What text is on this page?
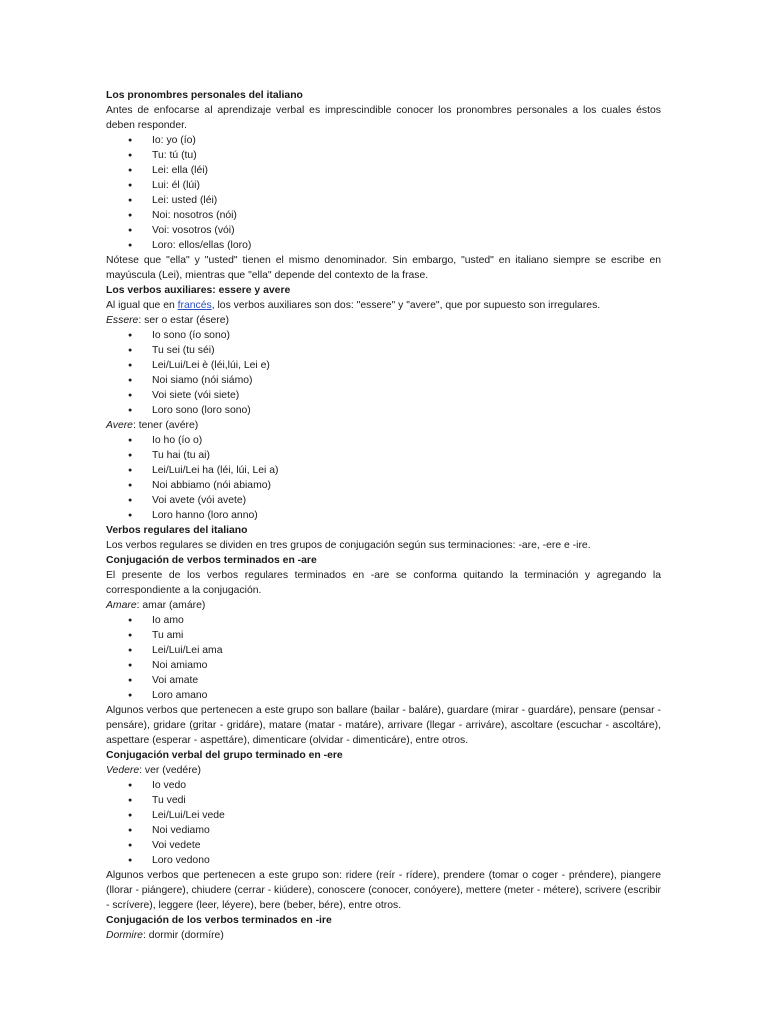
Los pronombres personales del italiano
Antes de enfocarse al aprendizaje verbal es imprescindible conocer los pronombres personales a los cuales éstos deben responder.
● Io: yo (ío)
● Tu: tú (tu)
● Lei: ella (léi)
● Lui: él (lúi)
● Lei: usted (léi)
● Noi: nosotros (nói)
● Voi: vosotros (vói)
● Loro: ellos/ellas (loro)
Nótese que "ella" y "usted" tienen el mismo denominador. Sin embargo, "usted" en italiano siempre se escribe en mayúscula (Lei), mientras que "ella" depende del contexto de la frase.
Los verbos auxiliares: essere y avere
Al igual que en francés, los verbos auxiliares son dos: "essere" y "avere", que por supuesto son irregulares.
Essere: ser o estar (ésere)
● Io sono (ío sono)
● Tu sei (tu séi)
● Lei/Lui/Lei è (léi,lúi, Lei e)
● Noi siamo (nói siámo)
● Voi siete (vói siete)
● Loro sono (loro sono)
Avere: tener (avére)
● Io ho (ío o)
● Tu hai (tu ai)
● Lei/Lui/Lei ha (léi, lúi, Lei a)
● Noi abbiamo (nói abiamo)
● Voi avete (vói avete)
● Loro hanno (loro anno)
Verbos regulares del italiano
Los verbos regulares se dividen en tres grupos de conjugación según sus terminaciones: -are, -ere e -ire.
Conjugación de verbos terminados en -are
El presente de los verbos regulares terminados en -are se conforma quitando la terminación y agregando la correspondiente a la conjugación.
Amare: amar (amáre)
● Io amo
● Tu ami
● Lei/Lui/Lei ama
● Noi amiamo
● Voi amate
● Loro amano
Algunos verbos que pertenecen a este grupo son ballare (bailar - baláre), guardare (mirar - guardáre), pensare (pensar - pensáre), gridare (gritar - gridáre), matare (matar - matáre), arrivare (llegar - arriváre), ascoltare (escuchar - ascoltáre), aspettare (esperar - aspettáre), dimenticare (olvidar - dimenticáre), entre otros.
Conjugación verbal del grupo terminado en -ere
Vedere: ver (vedére)
● Io vedo
● Tu vedi
● Lei/Lui/Lei vede
● Noi vediamo
● Voi vedete
● Loro vedono
Algunos verbos que pertenecen a este grupo son: ridere (reír - rídere), prendere (tomar o coger - préndere), piangere (llorar - piángere), chiudere (cerrar - kiúdere), conoscere (conocer, conóyere), mettere (meter - métere), scrivere (escribir - scrívere), leggere (leer, léyere), bere (beber, bére), entre otros.
Conjugación de los verbos terminados en -ire
Dormire: dormir (dormíre)
